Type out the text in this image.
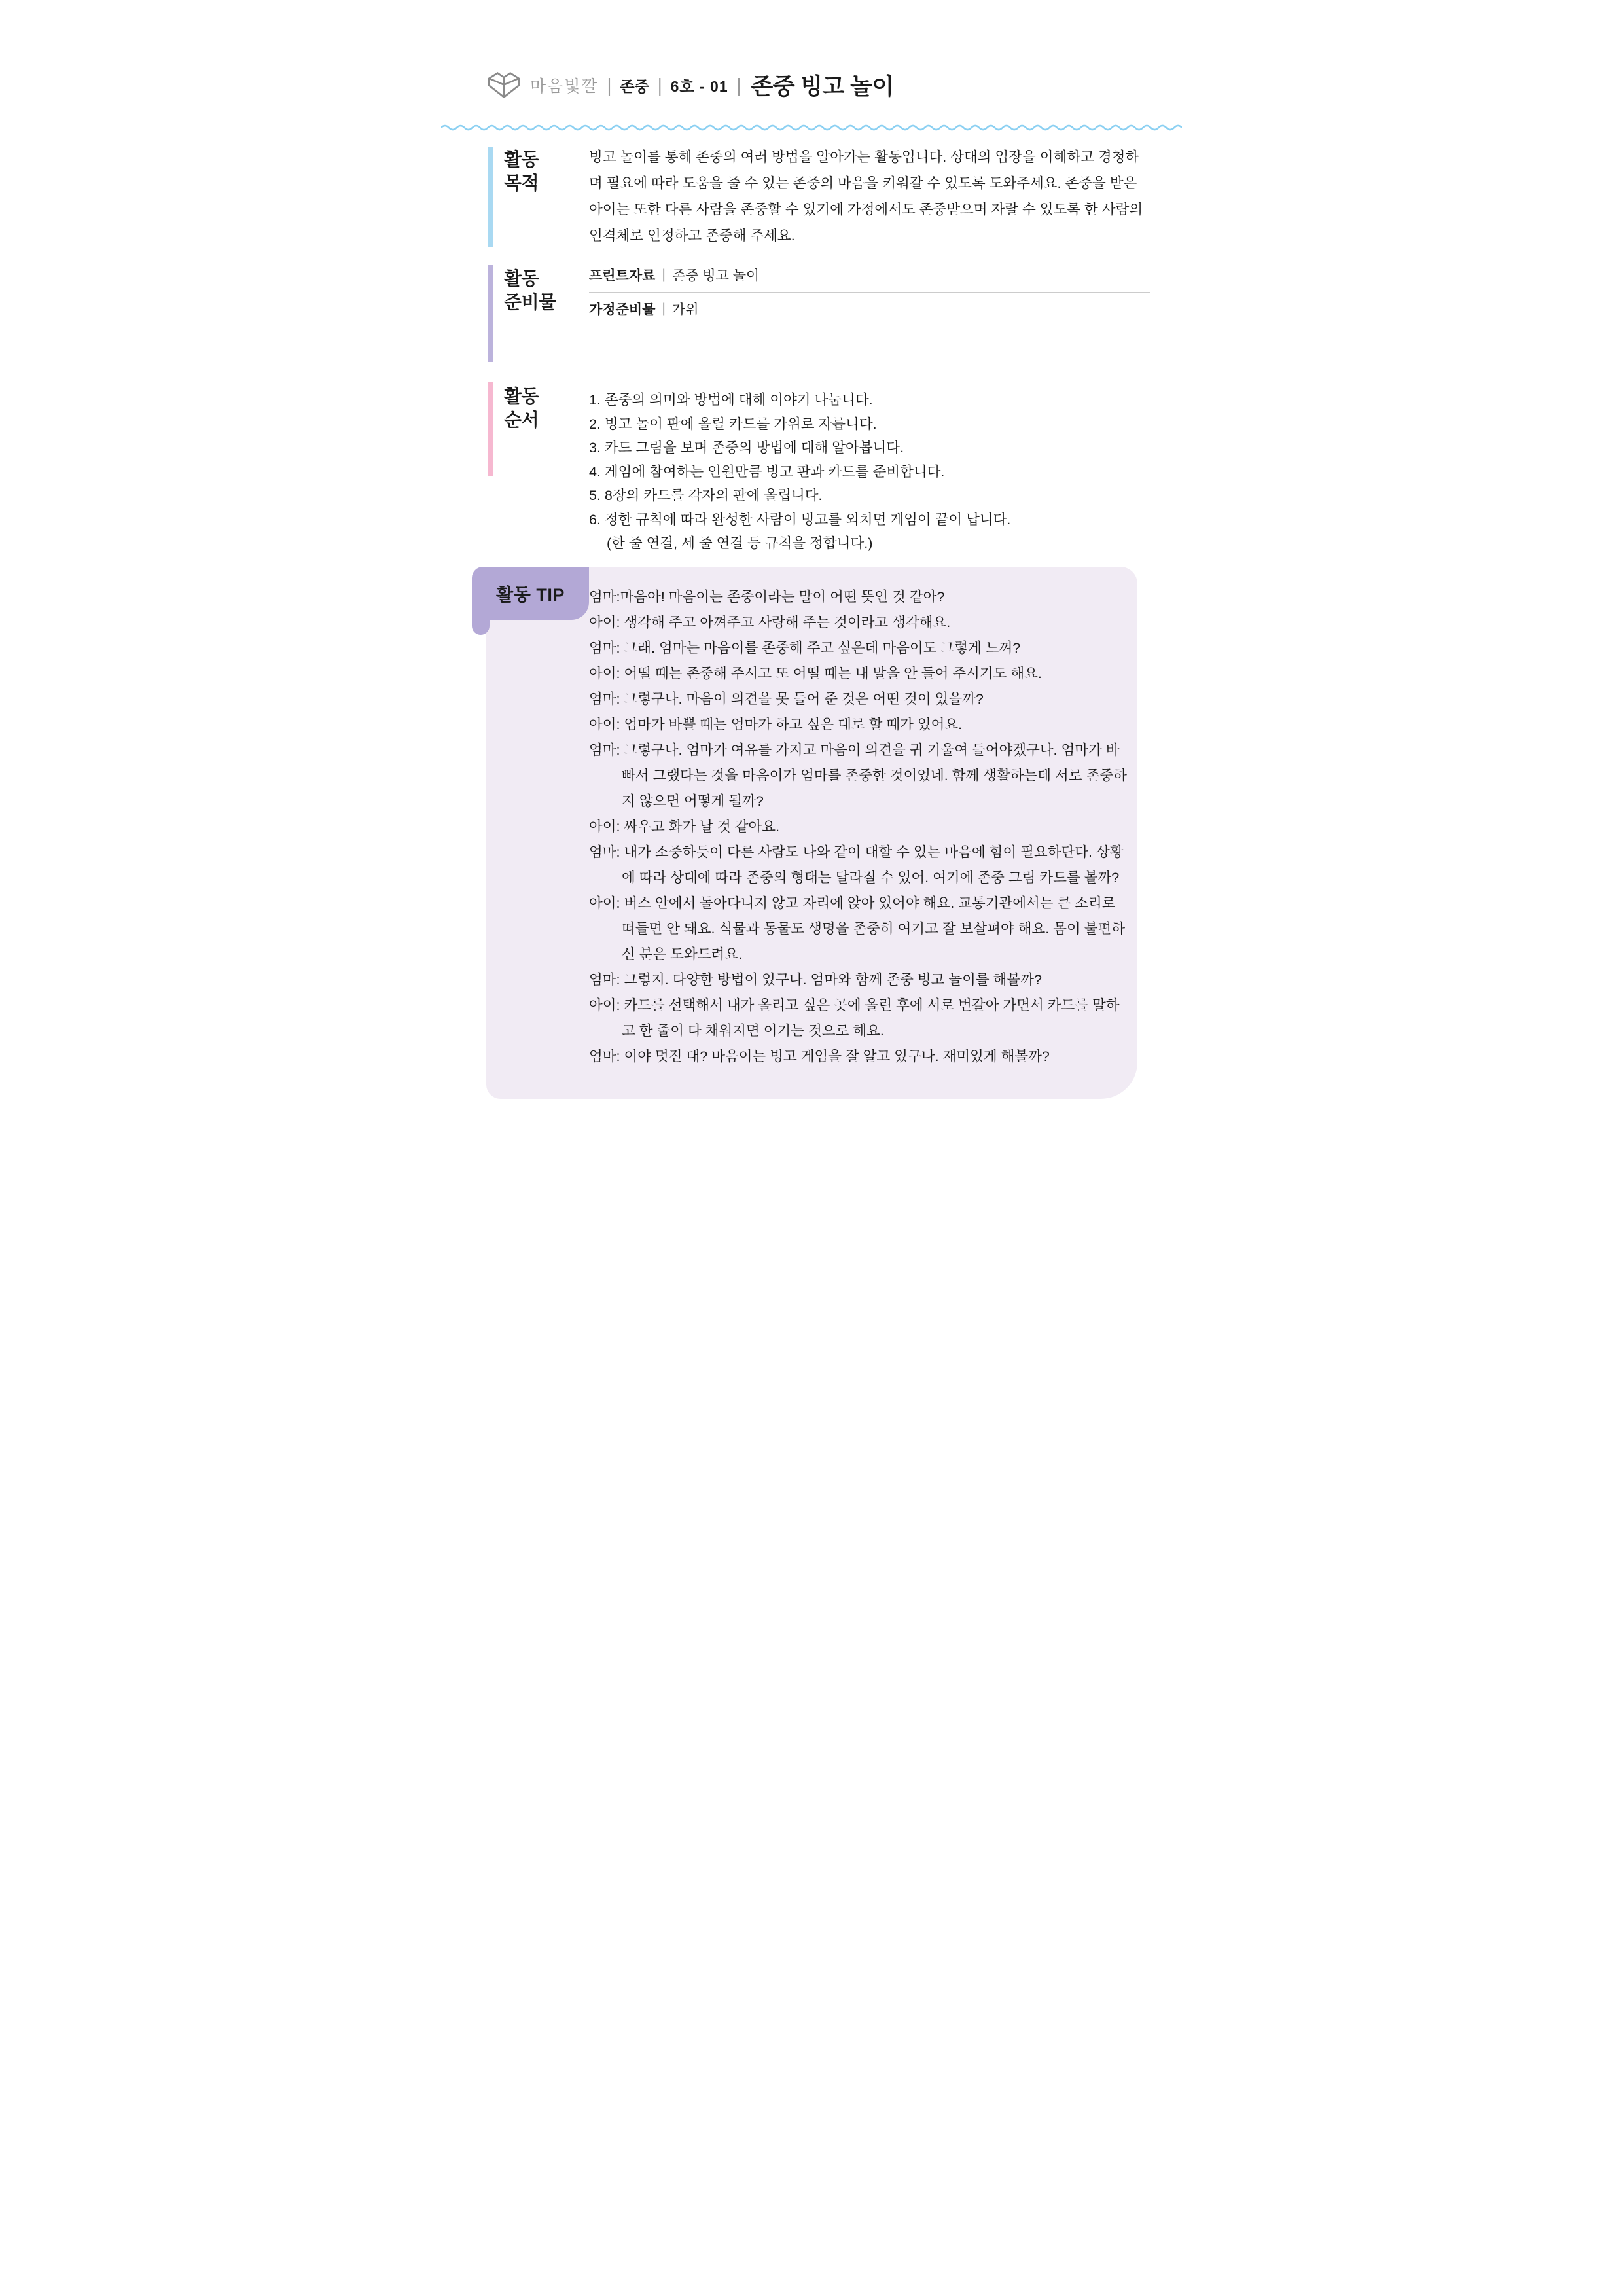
마음빛깔 | 존중 | 6호 - 01 | 존중 빙고 놀이
활동
목적
빙고 놀이를 통해 존중의 여러 방법을 알아가는 활동입니다. 상대의 입장을 이해하고 경청하며 필요에 따라 도움을 줄 수 있는 존중의 마음을 키워갈 수 있도록 도와주세요. 존중을 받은 아이는 또한 다른 사람을 존중할 수 있기에 가정에서도 존중받으며 자랄 수 있도록 한 사람의 인격체로 인정하고 존중해 주세요.
활동
준비물
프린트자료 | 존중 빙고 놀이
가정준비물 | 가위
활동
순서
1. 존중의 의미와 방법에 대해 이야기 나눕니다.
2. 빙고 놀이 판에 올릴 카드를 가위로 자릅니다.
3. 카드 그림을 보며 존중의 방법에 대해 알아봅니다.
4. 게임에 참여하는 인원만큼 빙고 판과 카드를 준비합니다.
5. 8장의 카드를 각자의 판에 올립니다.
6. 정한 규칙에 따라 완성한 사람이 빙고를 외치면 게임이 끝이 납니다.
(한 줄 연결, 세 줄 연결 등 규칙을 정합니다.)
활동 TIP 엄마:마음아! 마음이는 존중이라는 말이 어떤 뜻인 것 같아?
아이: 생각해 주고 아껴주고 사랑해 주는 것이라고 생각해요.
엄마: 그래. 엄마는 마음이를 존중해 주고 싶은데 마음이도 그렇게 느껴?
아이: 어떨 때는 존중해 주시고 또 어떨 때는 내 말을 안 들어 주시기도 해요.
엄마: 그렇구나. 마음이 의견을 못 들어 준 것은 어떤 것이 있을까?
아이: 엄마가 바쁠 때는 엄마가 하고 싶은 대로 할 때가 있어요.
엄마: 그렇구나. 엄마가 여유를 가지고 마음이 의견을 귀 기울여 들어야겠구나. 엄마가 바빠서 그랬다는 것을 마음이가 엄마를 존중한 것이었네. 함께 생활하는데 서로 존중하지 않으면 어떻게 될까?
아이: 싸우고 화가 날 것 같아요.
엄마: 내가 소중하듯이 다른 사람도 나와 같이 대할 수 있는 마음에 힘이 필요하단다. 상황에 따라 상대에 따라 존중의 형태는 달라질 수 있어. 여기에 존중 그림 카드를 볼까?
아이: 버스 안에서 돌아다니지 않고 자리에 앉아 있어야 해요. 교통기관에서는 큰 소리로 떠들면 안 돼요. 식물과 동물도 생명을 존중히 여기고 잘 보살펴야 해요. 몸이 불편하신 분은 도와드려요.
엄마: 그렇지. 다양한 방법이 있구나. 엄마와 함께 존중 빙고 놀이를 해볼까?
아이: 카드를 선택해서 내가 올리고 싶은 곳에 올린 후에 서로 번갈아 가면서 카드를 말하고 한 줄이 다 채워지면 이기는 것으로 해요.
엄마: 이야 멋진 대? 마음이는 빙고 게임을 잘 알고 있구나. 재미있게 해볼까?
